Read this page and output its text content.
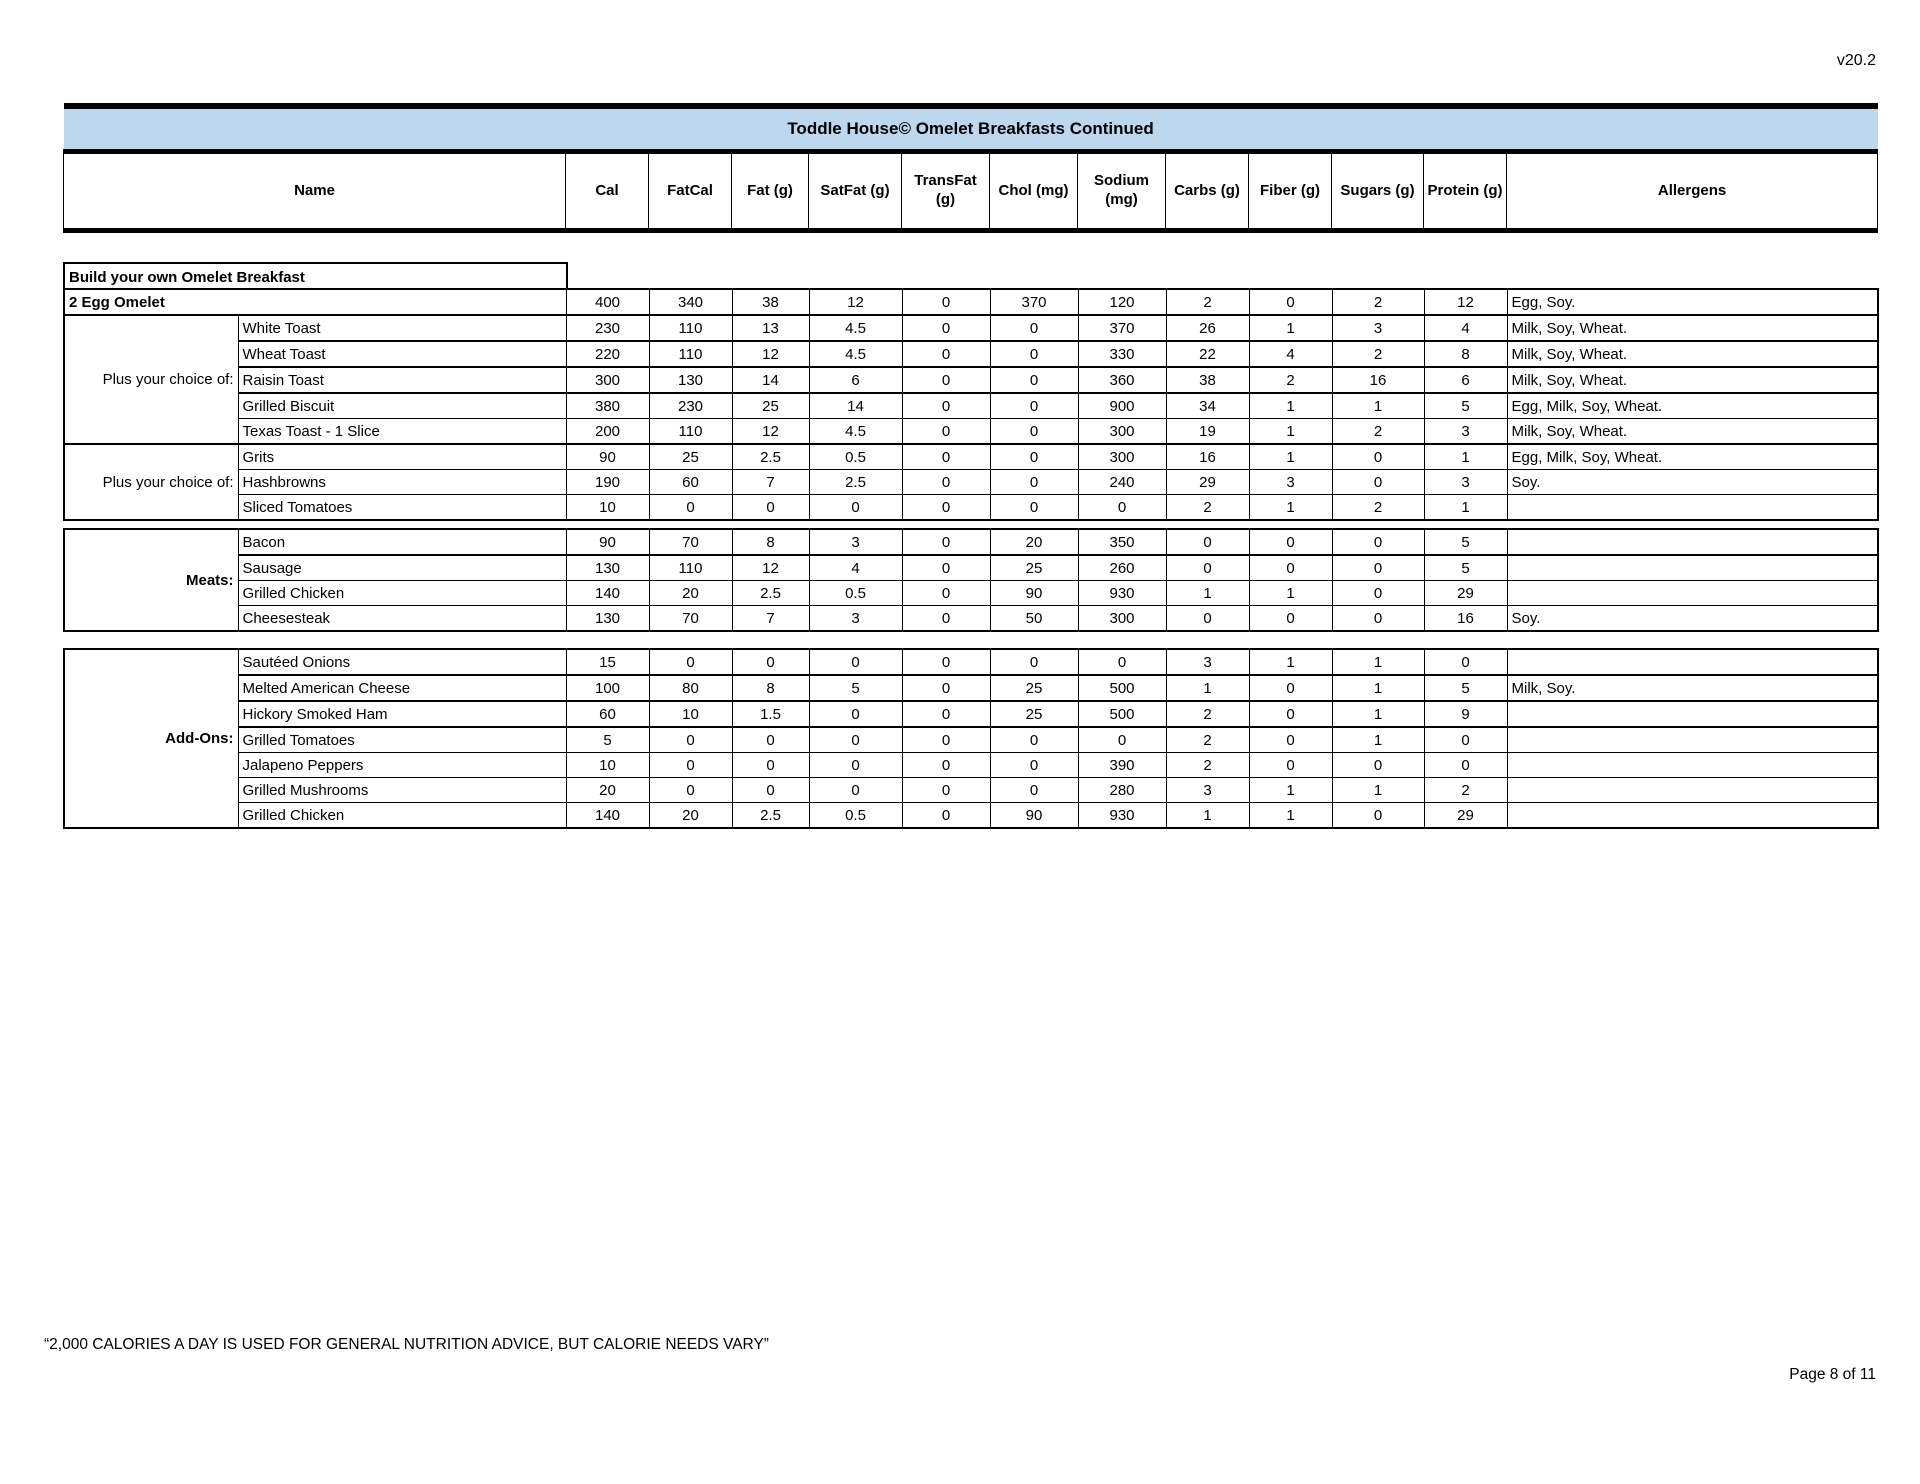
v20.2
Toddle House© Omelet Breakfasts Continued
Name	Cal	FatCal	Fat (g)	SatFat (g)	TransFat (g)	Chol (mg)	Sodium (mg)	Carbs (g)	Fiber (g)	Sugars (g)	Protein (g)	Allergens
Build your own Omelet Breakfast
2 Egg Omelet		400	340	38	12	0	370	120	2	0	2	12	Egg, Soy.
Plus your choice of:	White Toast	230	110	13	4.5	0	0	370	26	1	3	4	Milk, Soy, Wheat.
	Wheat Toast	220	110	12	4.5	0	0	330	22	4	2	8	Milk, Soy, Wheat.
	Raisin Toast	300	130	14	6	0	0	360	38	2	16	6	Milk, Soy, Wheat.
	Grilled Biscuit	380	230	25	14	0	0	900	34	1	1	5	Egg, Milk, Soy, Wheat.
	Texas Toast - 1 Slice	200	110	12	4.5	0	0	300	19	1	2	3	Milk, Soy, Wheat.
Plus your choice of:	Grits	90	25	2.5	0.5	0	0	300	16	1	0	1	Egg, Milk, Soy, Wheat.
	Hashbrowns	190	60	7	2.5	0	0	240	29	3	0	3	Soy.
	Sliced Tomatoes	10	0	0	0	0	0	0	2	1	2	1	
Meats:	Bacon	90	70	8	3	0	20	350	0	0	0	5	
	Sausage	130	110	12	4	0	25	260	0	0	0	5	
	Grilled Chicken	140	20	2.5	0.5	0	90	930	1	1	0	29	
	Cheesesteak	130	70	7	3	0	50	300	0	0	0	16	Soy.
Add-Ons:	Sautéed Onions	15	0	0	0	0	0	0	3	1	1	0	
	Melted American Cheese	100	80	8	5	0	25	500	1	0	1	5	Milk, Soy.
	Hickory Smoked Ham	60	10	1.5	0	0	25	500	2	0	1	9	
	Grilled Tomatoes	5	0	0	0	0	0	0	2	0	1	0	
	Jalapeno Peppers	10	0	0	0	0	0	390	2	0	0	0	
	Grilled Mushrooms	20	0	0	0	0	0	280	3	1	1	2	
	Grilled Chicken	140	20	2.5	0.5	0	90	930	1	1	0	29	
“2,000 CALORIES A DAY IS USED FOR GENERAL NUTRITION ADVICE, BUT CALORIE NEEDS VARY”
Page 8 of 11
